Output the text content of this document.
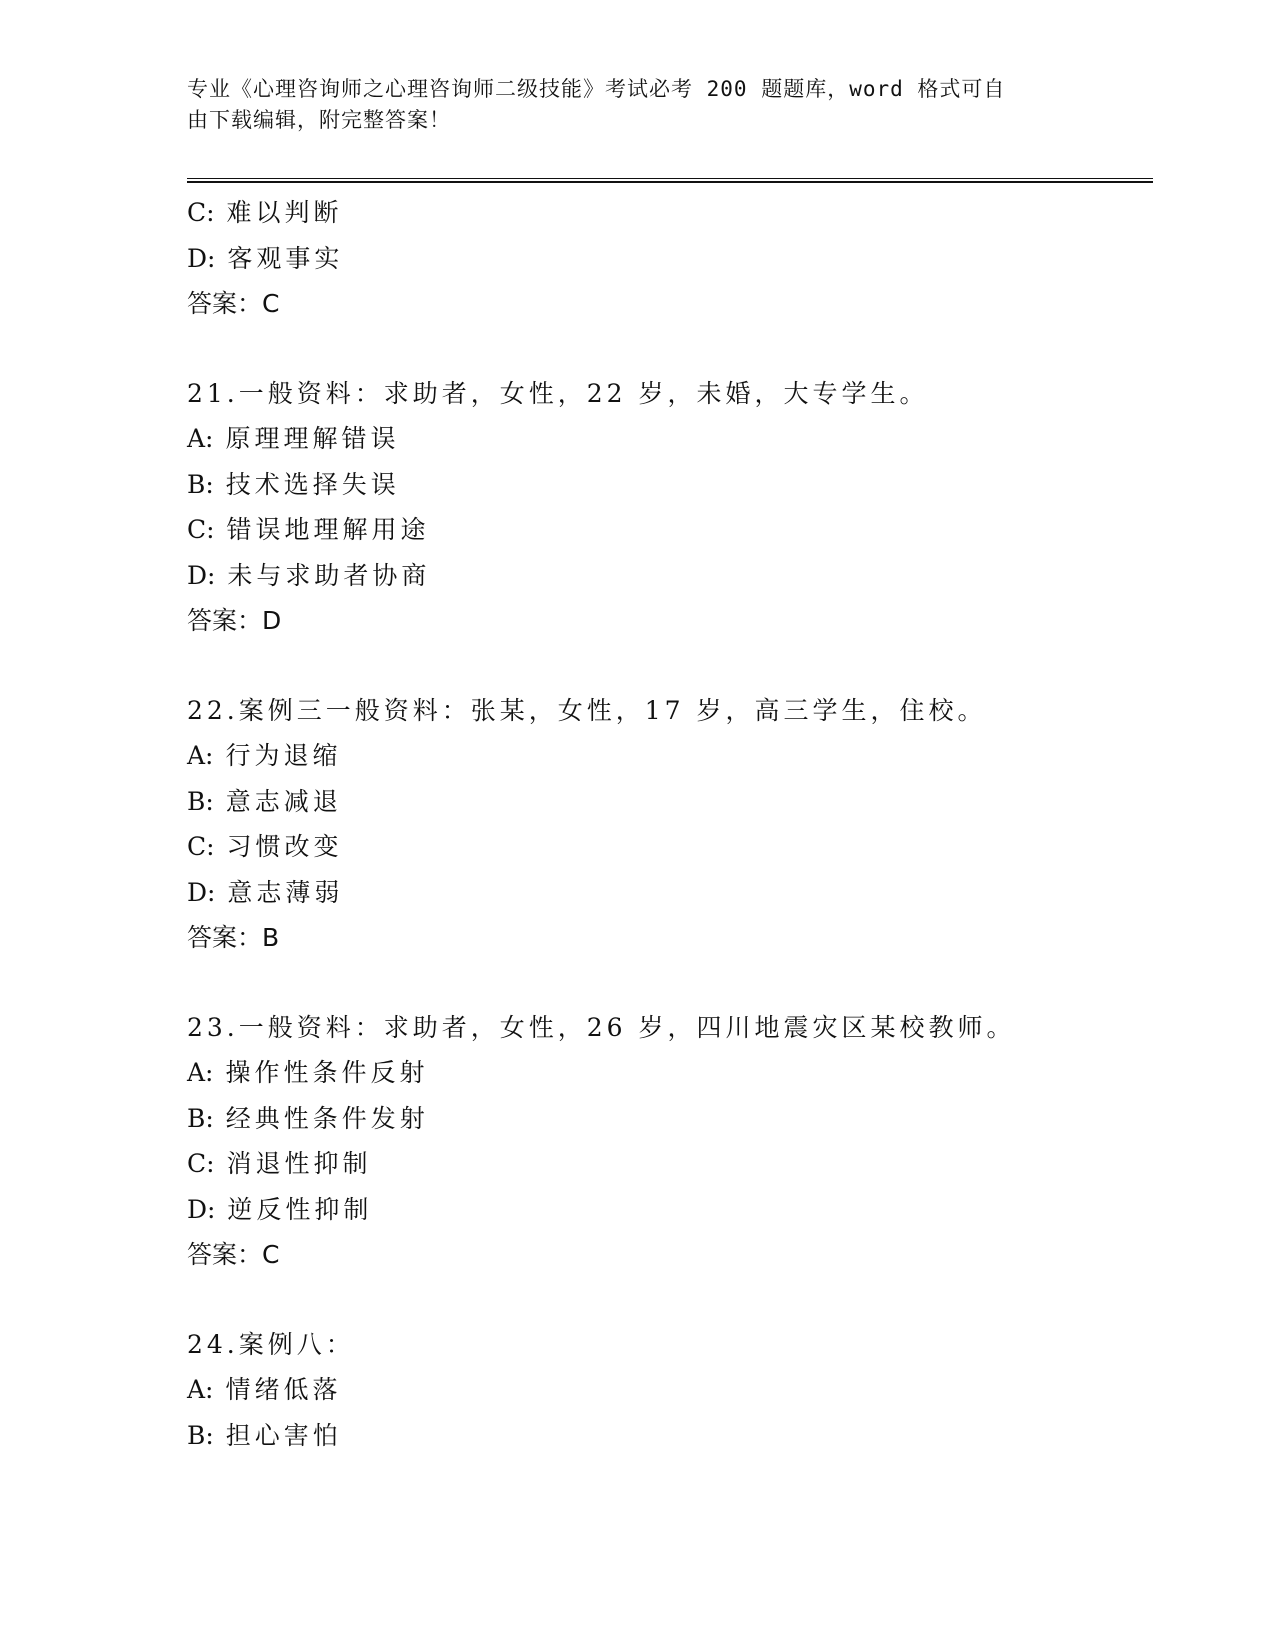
专业《心理咨询师之心理咨询师二级技能》考试必考 200 题题库，word 格式可自
由下载编辑，附完整答案！
C: 难以判断
D: 客观事实
答案：C
21.一般资料：求助者，女性，22 岁，未婚，大专学生。
A: 原理理解错误
B: 技术选择失误
C: 错误地理解用途
D: 未与求助者协商
答案：D
22.案例三一般资料：张某，女性，17 岁，高三学生，住校。
A: 行为退缩
B: 意志减退
C: 习惯改变
D: 意志薄弱
答案：B
23.一般资料：求助者，女性，26 岁，四川地震灾区某校教师。
A: 操作性条件反射
B: 经典性条件发射
C: 消退性抑制
D: 逆反性抑制
答案：C
24.案例八：
A: 情绪低落
B: 担心害怕
